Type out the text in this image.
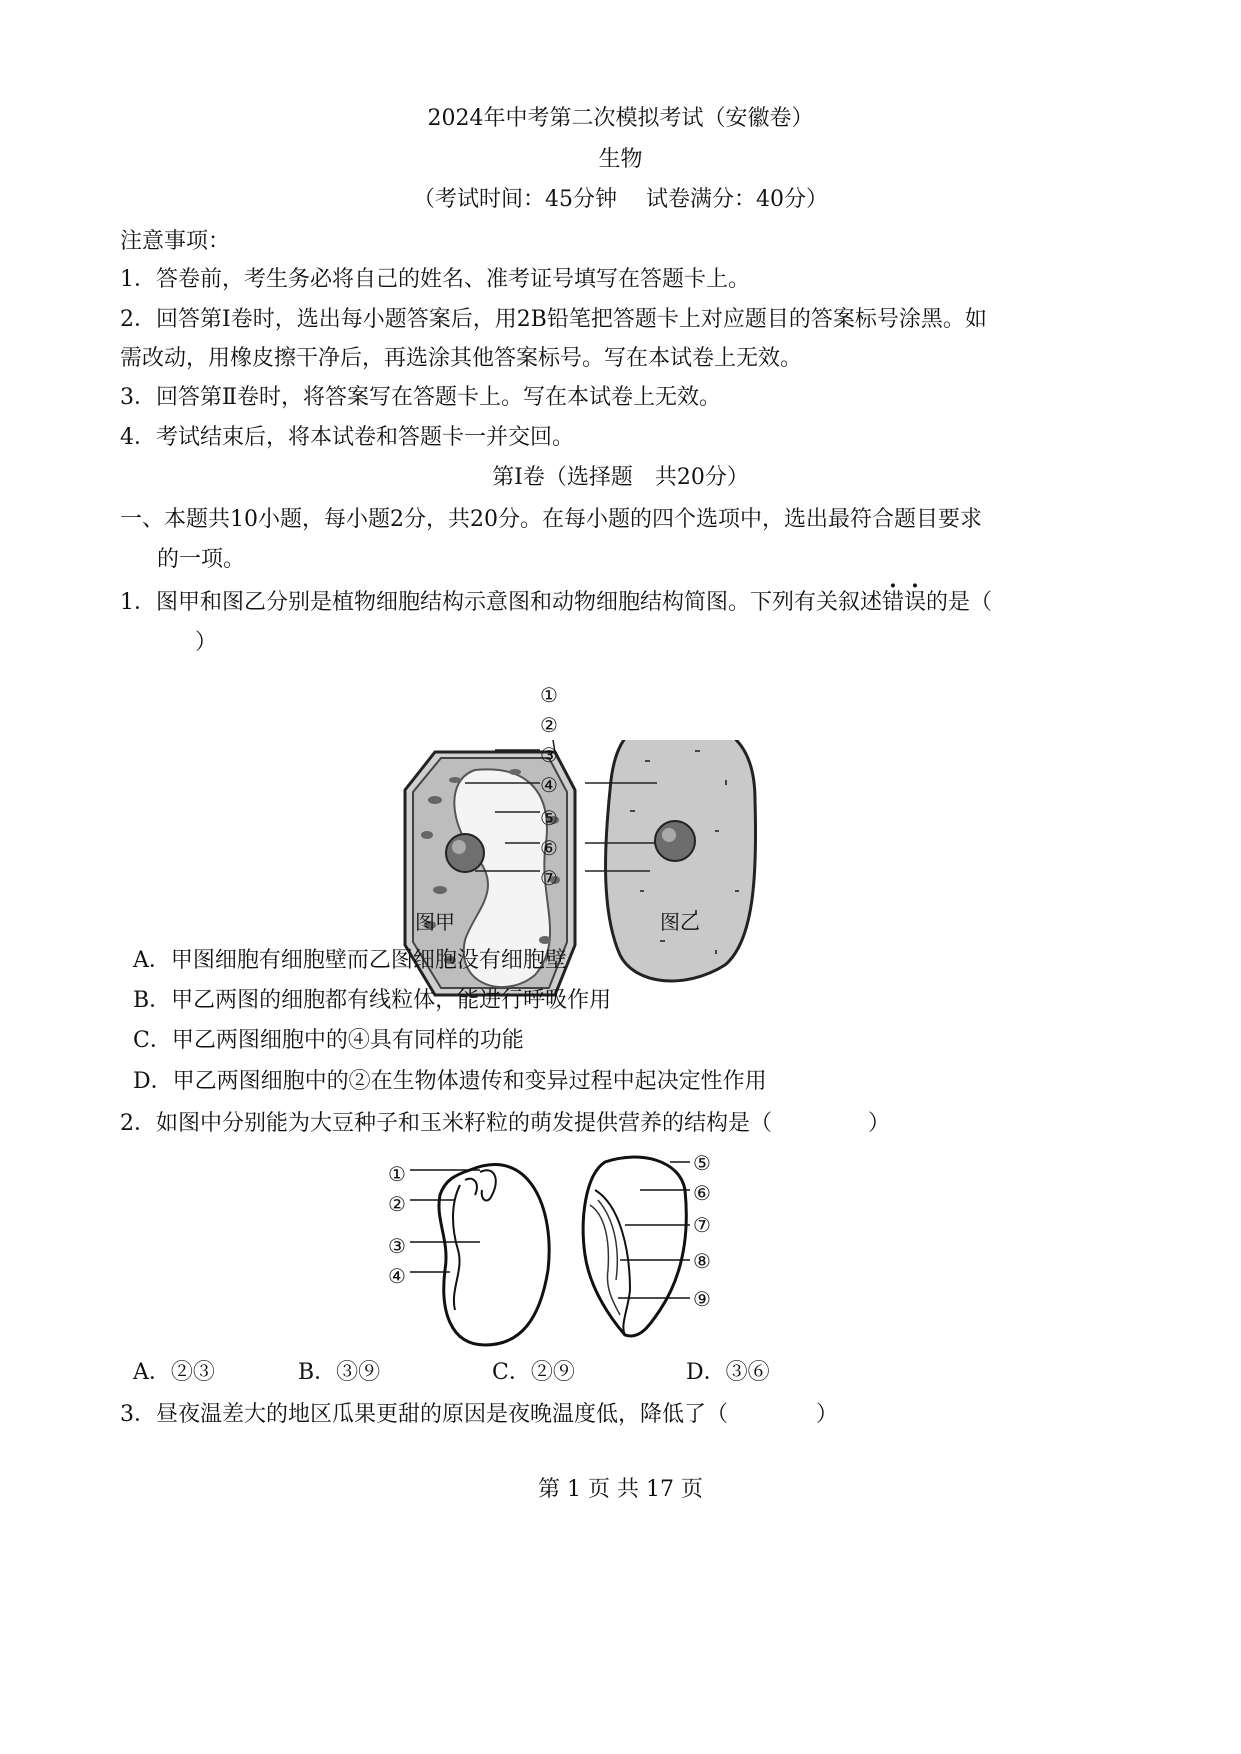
2024年中考第二次模拟考试（安徽卷）
生物
（考试时间：45分钟　 试卷满分：40分）
注意事项：
1．答卷前，考生务必将自己的姓名、准考证号填写在答题卡上。
2．回答第Ⅰ卷时，选出每小题答案后，用2B铅笔把答题卡上对应题目的答案标号涂黑。如
需改动，用橡皮擦干净后，再选涂其他答案标号。写在本试卷上无效。
3．回答第Ⅱ卷时，将答案写在答题卡上。写在本试卷上无效。
4．考试结束后，将本试卷和答题卡一并交回。
第Ⅰ卷（选择题　共20分）
一、本题共10小题，每小题2分，共20分。在每小题的四个选项中，选出最符合题目要求
的一项。
1．图甲和图乙分别是植物细胞结构示意图和动物细胞结构简图。下列有关叙述错误的是（
）
①
②
③
④
⑤
⑥
⑦
图甲	图乙
A．甲图细胞有细胞壁而乙图细胞没有细胞壁
B．甲乙两图的细胞都有线粒体，能进行呼吸作用
C．甲乙两图细胞中的④具有同样的功能
D．甲乙两图细胞中的②在生物体遗传和变异过程中起决定性作用
2．如图中分别能为大豆种子和玉米籽粒的萌发提供营养的结构是（	）
①
②
③
④
⑤
⑥
⑦
⑧
⑨
A．②③	B．③⑨	C．②⑨	D．③⑥
3．昼夜温差大的地区瓜果更甜的原因是夜晚温度低，降低了（	）
第 1 页 共 17 页
